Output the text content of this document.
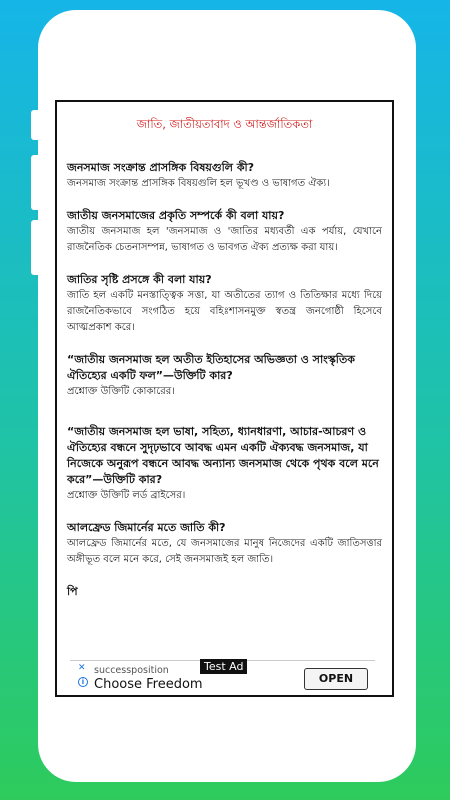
জাতি, জাতীয়তাবাদ ও আন্তর্জাতিকতা
জনসমাজ সংক্রান্ত প্রাসঙ্গিক বিষয়গুলি কী?
জনসমাজ সংক্রান্ত প্রাসঙ্গিক বিষয়গুলি হল ভূখণ্ড ও ভাষাগত ঐক্য।
জাতীয় জনসমাজের প্রকৃতি সম্পর্কে কী বলা যায়?
জাতীয় জনসমাজ হল 'জনসমাজ ও 'জাতির মধ্যবর্তী এক পর্যায়, যেখানে রাজনৈতিক চেতনাসম্পন্ন, ভাষাগত ও ভাবগত ঐক্য প্রত্যক্ষ করা যায়।
জাতির সৃষ্টি প্রসঙ্গে কী বলা যায়?
জাতি হল একটি মনস্তাত্ত্বিক সত্তা, যা অতীতের ত্যাগ ও তিতিক্ষার মধ্যে দিয়ে রাজনৈতিকভাবে সংগঠিত হয়ে বহিঃশাসনমুক্ত স্বতন্ত্র জনগোষ্ঠী হিসেবে আত্মপ্রকাশ করে।
“জাতীয় জনসমাজ হল অতীত ইতিহাসের অভিজ্ঞতা ও সাংস্কৃতিক ঐতিহ্যের একটি ফল”—উক্তিটি কার?
প্রশ্নোক্ত উক্তিটি কোকারের।
“জাতীয় জনসমাজ হল ভাষা, সহিত্য, ধ্যানধারণা, আচার-আচরণ ও ঐতিহ্যের বন্ধনে সুদৃঢ়ভাবে আবদ্ধ এমন একটি ঐক্যবদ্ধ জনসমাজ, যা নিজেকে অনুরূপ বন্ধনে আবদ্ধ অন্যান্য জনসমাজ থেকে পৃথক বলে মনে করে”—উক্তিটি কার?
প্রশ্নোক্ত উক্তিটি লর্ড ব্রাইসের।
আলফ্রেড জিমার্নের মতে জাতি কী?
আলফ্রেড জিমার্নের মতে, যে জনসমাজের মানুষ নিজেদের একটি জাতিসত্তার অঙ্গীভূত বলে মনে করে, সেই জনসমাজই হল জাতি।
পি
Test Ad
✕
i
successposition
Choose Freedom	OPEN
